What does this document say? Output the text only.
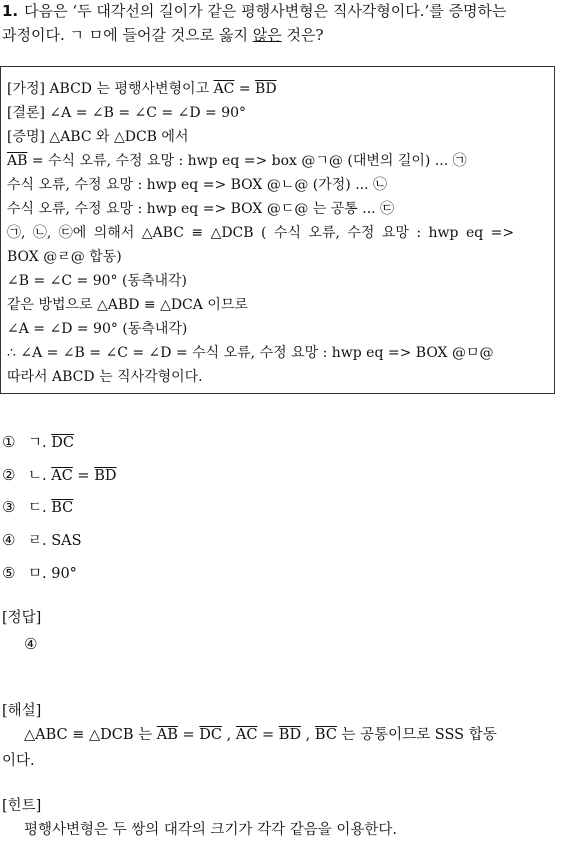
1. 다음은 ‘두 대각선의 길이가 같은 평행사변형은 직사각형이다.’를 증명하는
과정이다. ㄱ ㅁ에 들어갈 것으로 옳지 않은 것은?
[가정] ABCD 는 평행사변형이고 $\overline{AC} = \overline{BD}$
[결론] ∠A = ∠B = ∠C = ∠D = 90°
[증명] △ABC 와 △DCB 에서
$\overline{AB}$ = 수식 오류, 수정 요망 : hwp eq => box @ㄱ@ (대변의 길이) ... ㉠
수식 오류, 수정 요망 : hwp eq => BOX @ㄴ@ (가정) ... ㉡
수식 오류, 수정 요망 : hwp eq => BOX @ㄷ@ 는 공통 ... ㉢
㉠, ㉡, ㉢에 의해서 △ABC ≡ △DCB ( 수식 오류, 수정 요망 : hwp eq =>
BOX @ㄹ@ 합동)
∠B = ∠C = 90° (동측내각)
같은 방법으로 △ABD ≡ △DCA 이므로
∠A = ∠D = 90° (동측내각)
∴ ∠A = ∠B = ∠C = ∠D = 수식 오류, 수정 요망 : hwp eq => BOX @ㅁ@
따라서 ABCD 는 직사각형이다.
① ㄱ. $\overline{DC}$
② ㄴ. $\overline{AC} = \overline{BD}$
③ ㄷ. $\overline{BC}$
④ ㄹ. SAS
⑤ ㅁ. 90°
[정답]
④
[해설]
△ABC ≡ △DCB 는 $\overline{AB} = \overline{DC}$ , $\overline{AC} = \overline{BD}$ , $\overline{BC}$ 는 공통이므로 SSS 합동
이다.
[힌트]
평행사변형은 두 쌍의 대각의 크기가 각각 같음을 이용한다.
